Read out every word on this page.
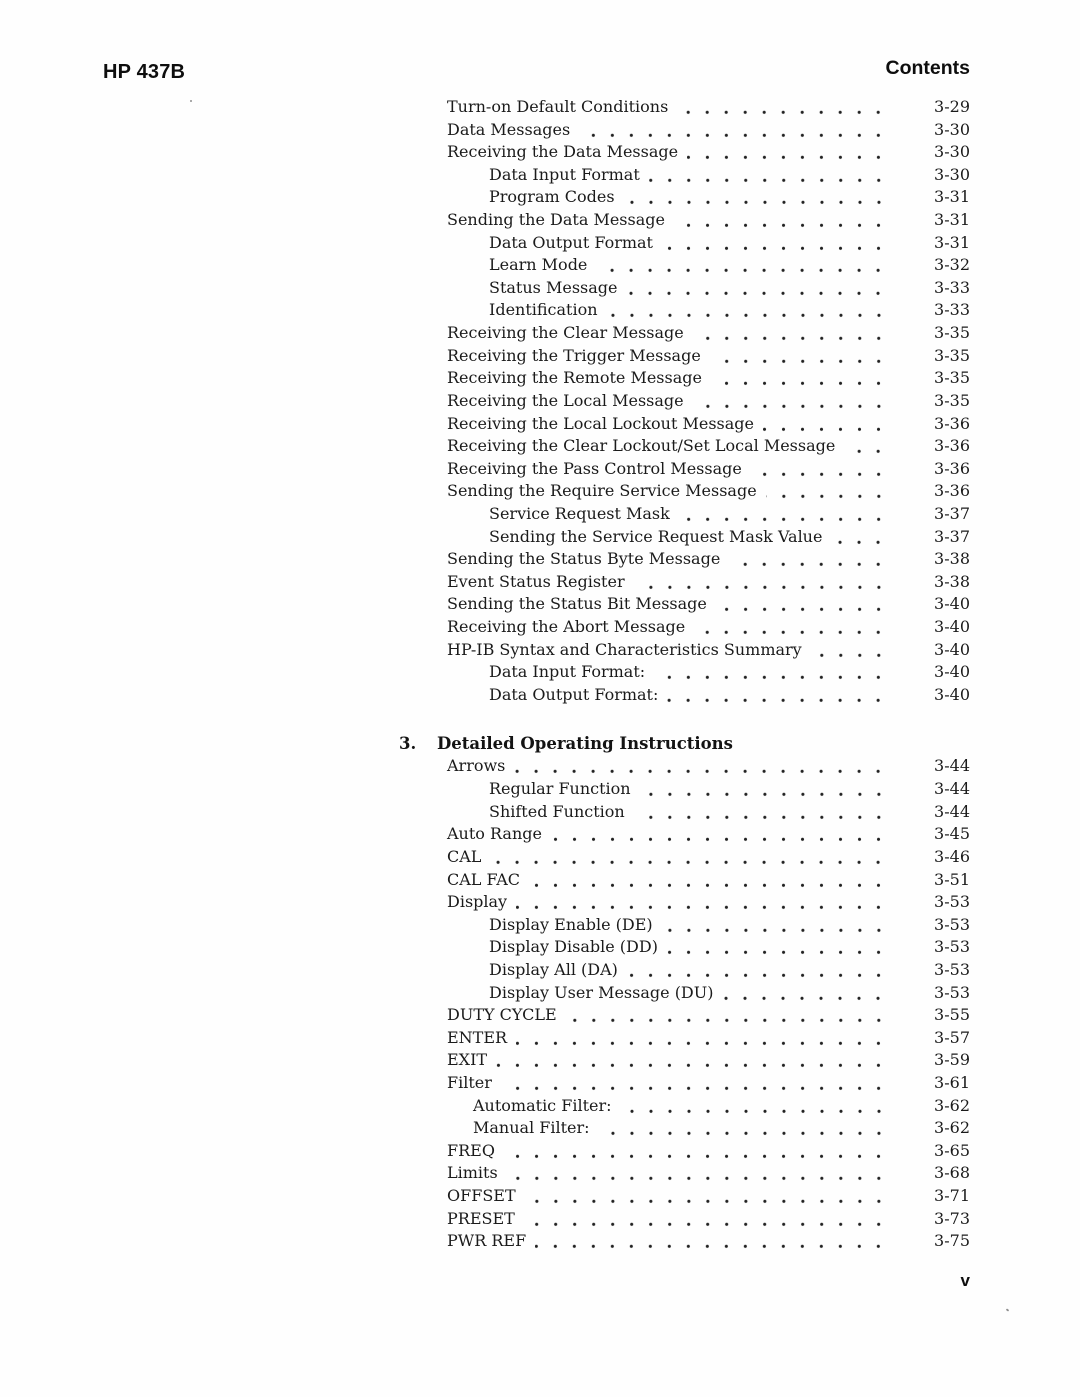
HP 437B	Contents
Turn-on Default Conditions	3-29
Data Messages	3-30
Receiving the Data Message	3-30
Data Input Format	3-30
Program Codes	3-31
Sending the Data Message	3-31
Data Output Format	3-31
Learn Mode	3-32
Status Message	3-33
Identification	3-33
Receiving the Clear Message	3-35
Receiving the Trigger Message	3-35
Receiving the Remote Message	3-35
Receiving the Local Message	3-35
Receiving the Local Lockout Message	3-36
Receiving the Clear Lockout/Set Local Message	3-36
Receiving the Pass Control Message	3-36
Sending the Require Service Message	3-36
Service Request Mask	3-37
Sending the Service Request Mask Value	3-37
Sending the Status Byte Message	3-38
Event Status Register	3-38
Sending the Status Bit Message	3-40
Receiving the Abort Message	3-40
HP-IB Syntax and Characteristics Summary	3-40
Data Input Format:	3-40
Data Output Format:	3-40
3.	Detailed Operating Instructions
Arrows	3-44
Regular Function	3-44
Shifted Function	3-44
Auto Range	3-45
CAL	3-46
CAL FAC	3-51
Display	3-53
Display Enable (DE)	3-53
Display Disable (DD)	3-53
Display All (DA)	3-53
Display User Message (DU)	3-53
DUTY CYCLE	3-55
ENTER	3-57
EXIT	3-59
Filter	3-61
Automatic Filter:	3-62
Manual Filter:	3-62
FREQ	3-65
Limits	3-68
OFFSET	3-71
PRESET	3-73
PWR REF	3-75
v
